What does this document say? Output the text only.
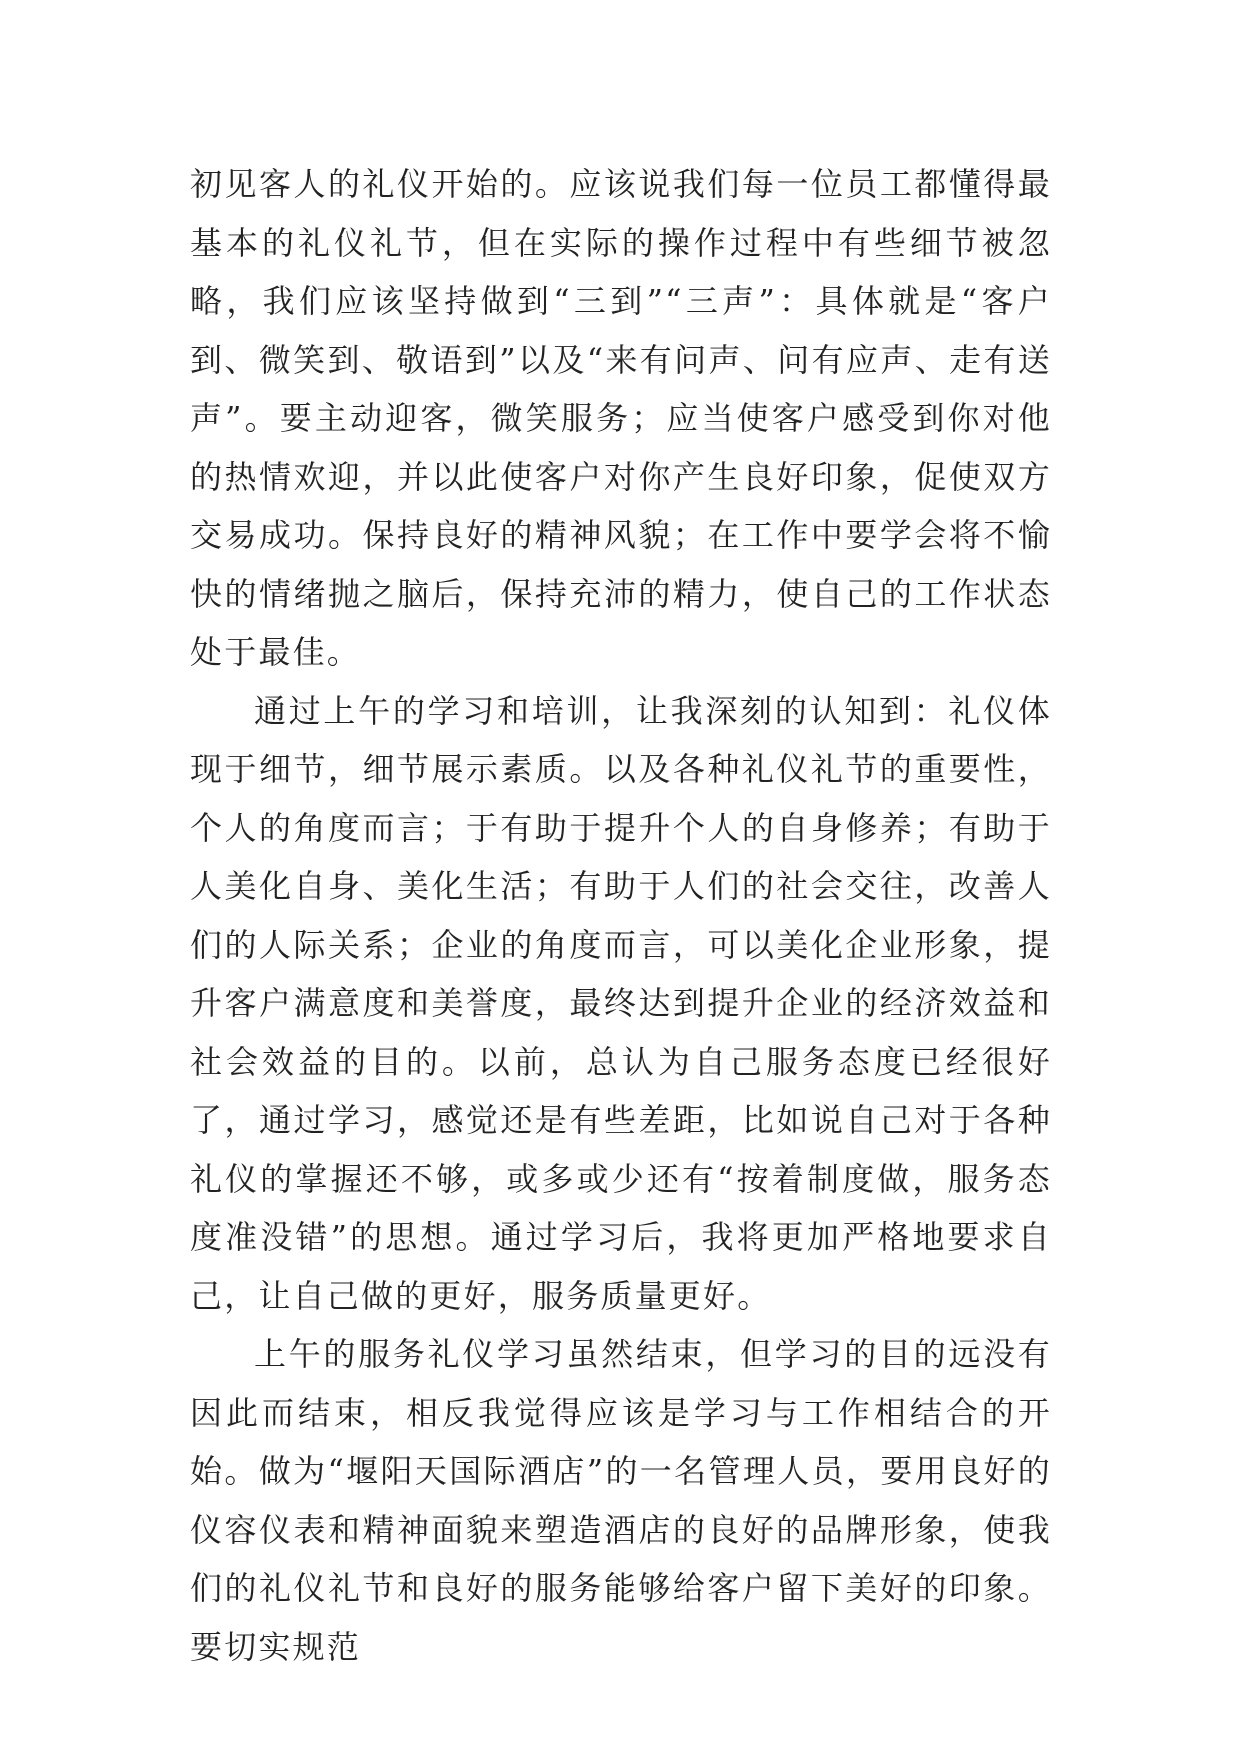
初见客人的礼仪开始的。应该说我们每一位员工都懂得最基本的礼仪礼节，但在实际的操作过程中有些细节被忽略，我们应该坚持做到“三到”“三声”：具体就是“客户到、微笑到、敬语到”以及“来有问声、问有应声、走有送声”。要主动迎客，微笑服务；应当使客户感受到你对他的热情欢迎，并以此使客户对你产生良好印象，促使双方交易成功。保持良好的精神风貌；在工作中要学会将不愉快的情绪抛之脑后，保持充沛的精力，使自己的工作状态处于最佳。

通过上午的学习和培训，让我深刻的认知到：礼仪体现于细节，细节展示素质。以及各种礼仪礼节的重要性，个人的角度而言；于有助于提升个人的自身修养；有助于人美化自身、美化生活；有助于人们的社会交往，改善人们的人际关系；企业的角度而言，可以美化企业形象，提升客户满意度和美誉度，最终达到提升企业的经济效益和社会效益的目的。以前，总认为自己服务态度已经很好了，通过学习，感觉还是有些差距，比如说自己对于各种礼仪的掌握还不够，或多或少还有“按着制度做，服务态度准没错”的思想。通过学习后，我将更加严格地要求自己，让自己做的更好，服务质量更好。

上午的服务礼仪学习虽然结束，但学习的目的远没有因此而结束，相反我觉得应该是学习与工作相结合的开始。做为“堰阳天国际酒店”的一名管理人员，要用良好的仪容仪表和精神面貌来塑造酒店的良好的品牌形象，使我们的礼仪礼节和良好的服务能够给客户留下美好的印象。要切实规范
